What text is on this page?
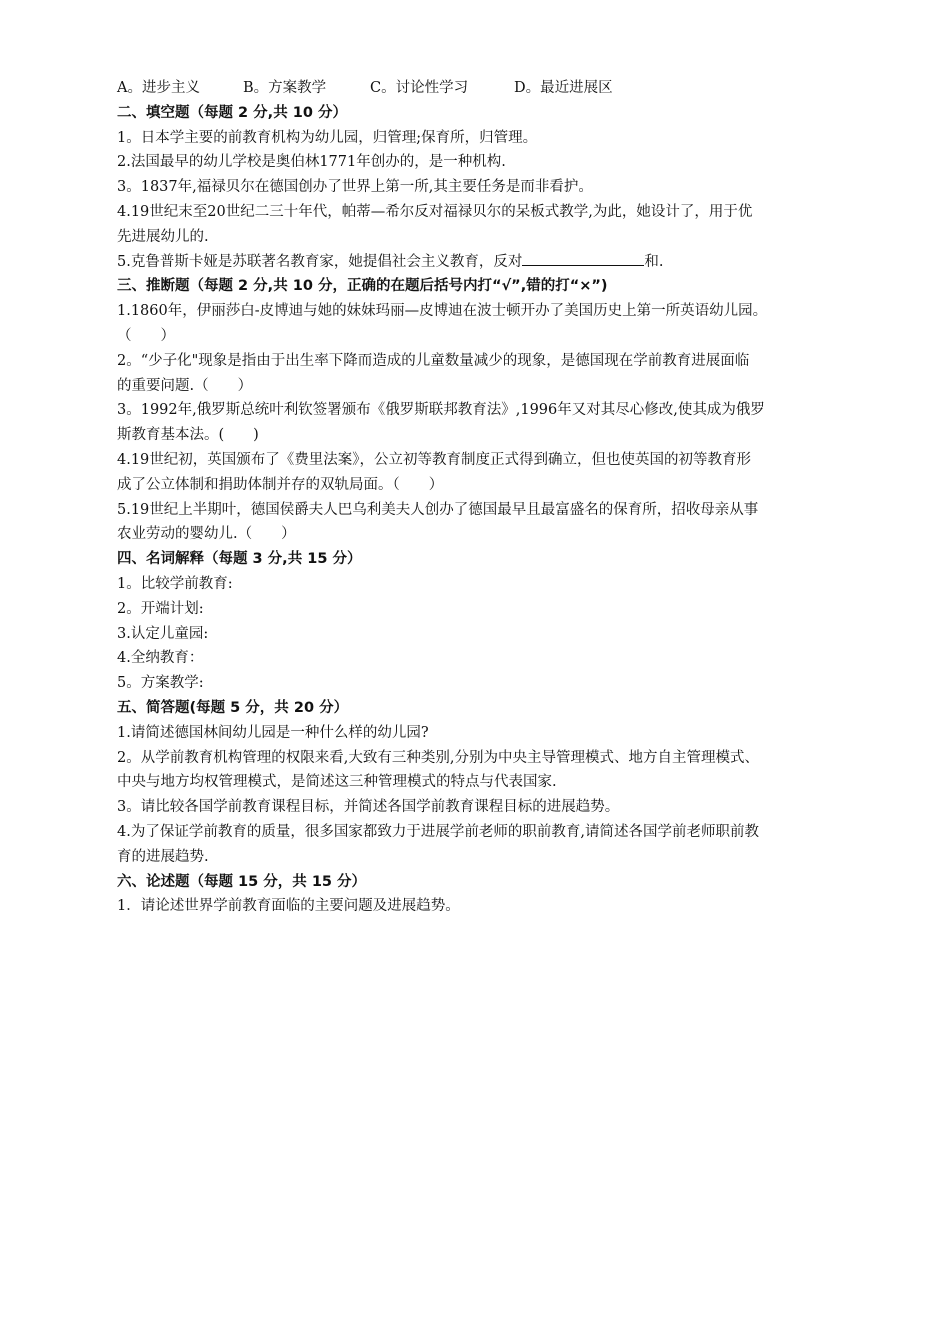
A。进步主义	B。方案教学	C。讨论性学习	D。最近进展区
二、填空题（每题 2 分,共 10 分）
1。日本学主要的前教育机构为幼儿园，归管理;保育所，归管理。
2.法国最早的幼儿学校是奥伯林1771年创办的，是一种机构.
3。1837年,福禄贝尔在德国创办了世界上第一所,其主要任务是而非看护。
4.19世纪末至20世纪二三十年代，帕蒂—希尔反对福禄贝尔的呆板式教学,为此，她设计了，用于优
先进展幼儿的.
5.克鲁普斯卡娅是苏联著名教育家，她提倡社会主义教育，反对	和.
三、推断题（每题 2 分,共 10 分，正确的在题后括号内打“√”,错的打“×”)
1.1860年，伊丽莎白-皮博迪与她的妹妹玛丽—皮博迪在波士顿开办了美国历史上第一所英语幼儿园。
（　　）
2。“少子化"现象是指由于出生率下降而造成的儿童数量减少的现象，是德国现在学前教育进展面临
的重要问题.（　　）
3。1992年,俄罗斯总统叶利钦签署颁布《俄罗斯联邦教育法》,1996年又对其尽心修改,使其成为俄罗
斯教育基本法。(　　)
4.19世纪初，英国颁布了《费里法案》，公立初等教育制度正式得到确立，但也使英国的初等教育形
成了公立体制和捐助体制并存的双轨局面。（　　）
5.19世纪上半期叶，德国侯爵夫人巴乌利美夫人创办了德国最早且最富盛名的保育所，招收母亲从事
农业劳动的婴幼儿.（　　）
四、名词解释（每题 3 分,共 15 分）
1。比较学前教育:
2。开端计划:
3.认定儿童园:
4.全纳教育：
5。方案教学:
五、简答题(每题 5 分，共 20 分）
1.请简述德国林间幼儿园是一种什么样的幼儿园?
2。从学前教育机构管理的权限来看,大致有三种类别,分别为中央主导管理模式、地方自主管理模式、
中央与地方均权管理模式，是简述这三种管理模式的特点与代表国家.
3。请比较各国学前教育课程目标，并简述各国学前教育课程目标的进展趋势。
4.为了保证学前教育的质量，很多国家都致力于进展学前老师的职前教育,请简述各国学前老师职前教
育的进展趋势.
六、论述题（每题 15 分，共 15 分）
1．请论述世界学前教育面临的主要问题及进展趋势。
